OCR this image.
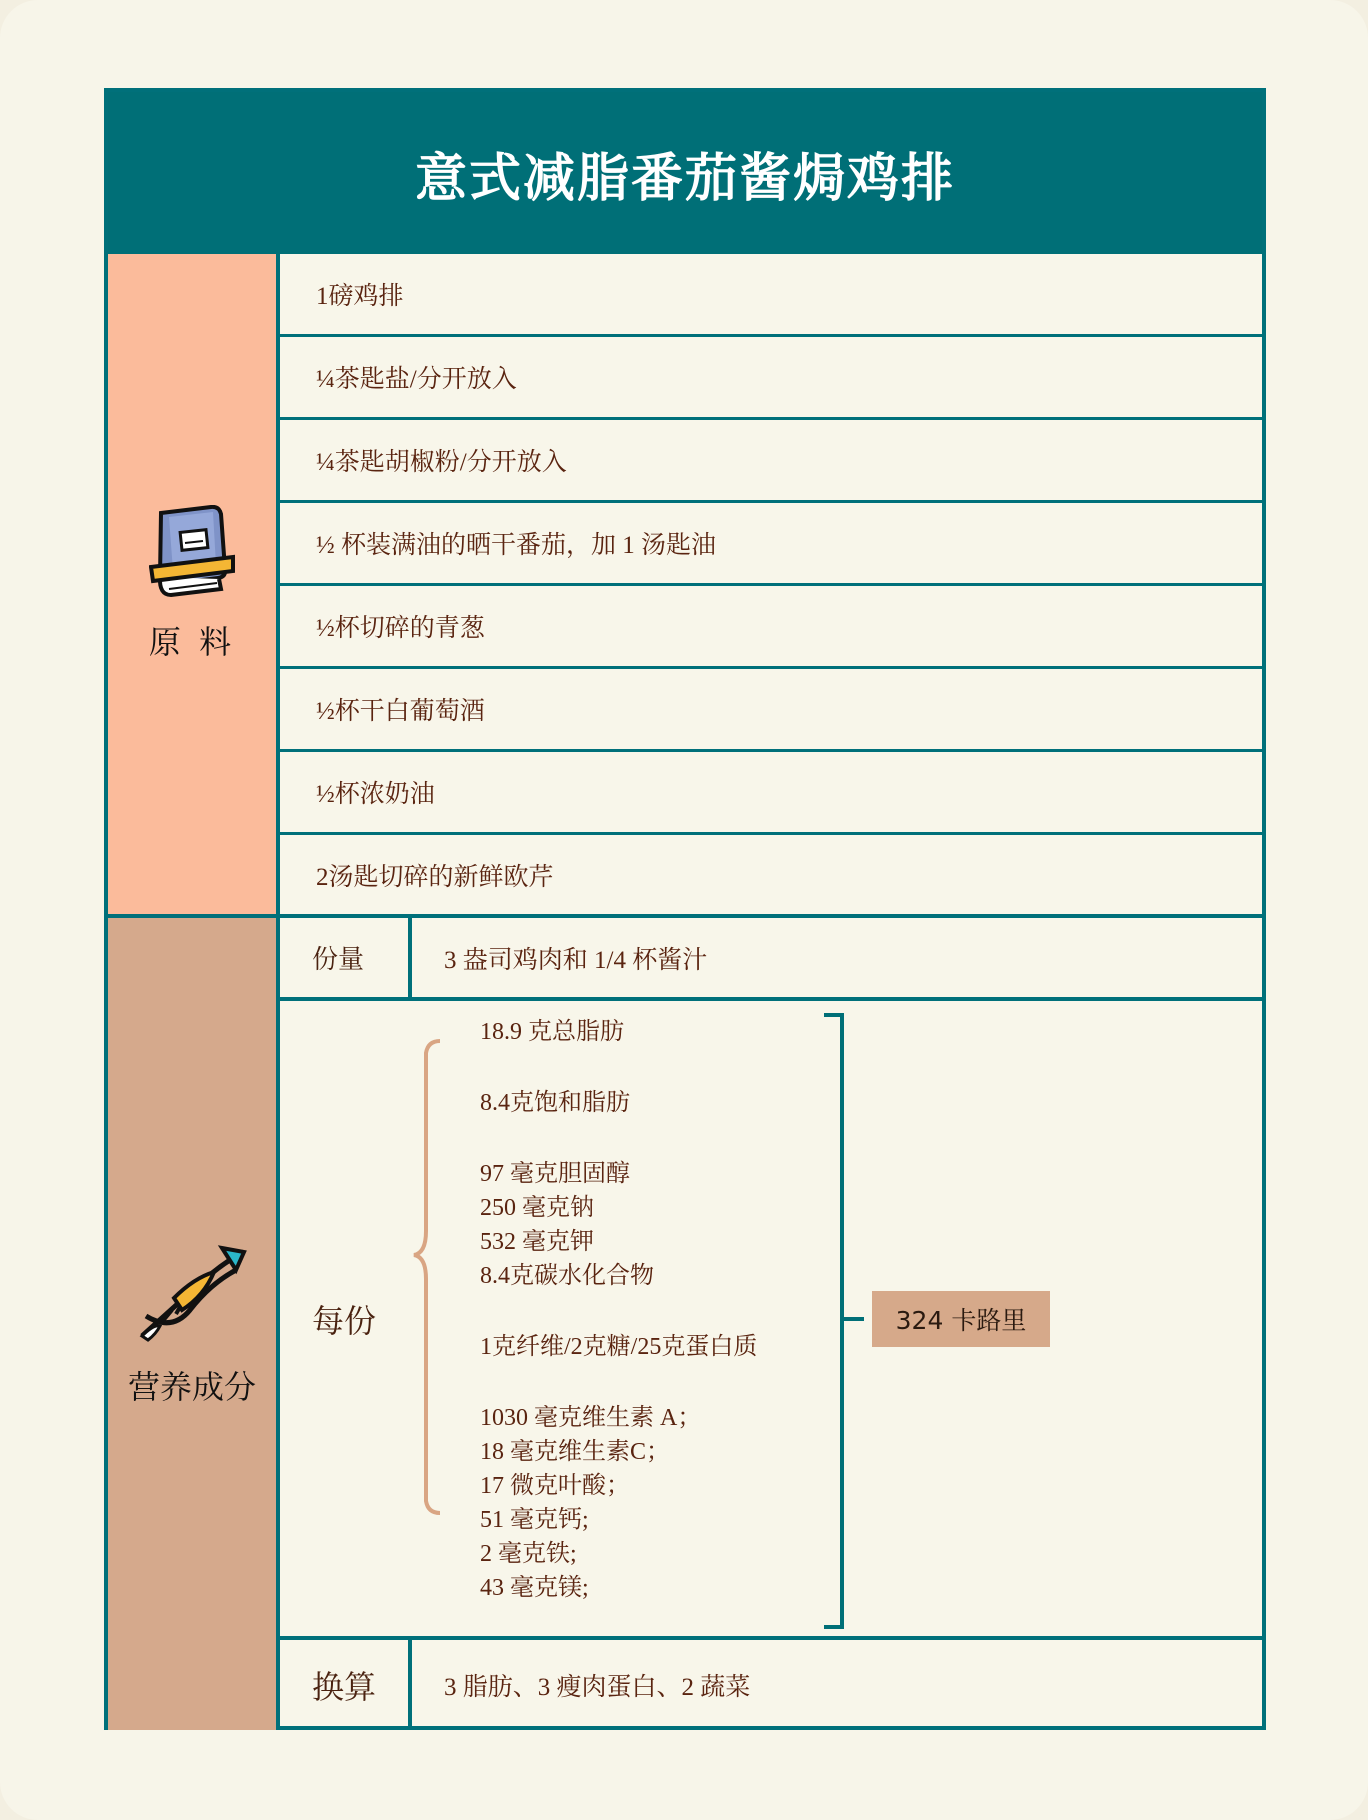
意式减脂番茄酱焗鸡排
原 料
1磅鸡排
¼茶匙盐/分开放入
¼茶匙胡椒粉/分开放入
½ 杯装满油的晒干番茄，加 1 汤匙油
½杯切碎的青葱
½杯干白葡萄酒
½杯浓奶油
2汤匙切碎的新鲜欧芹
营养成分
份量	3 盎司鸡肉和 1/4 杯酱汁
每份
18.9 克总脂肪
8.4克饱和脂肪
97 毫克胆固醇
250 毫克钠
532 毫克钾
8.4克碳水化合物
1克纤维/2克糖/25克蛋白质
1030 毫克维生素 A；
18 毫克维生素C；
17 微克叶酸；
51 毫克钙;
2 毫克铁;
43 毫克镁;
324 卡路里
换算	3 脂肪、3 瘦肉蛋白、2 蔬菜
